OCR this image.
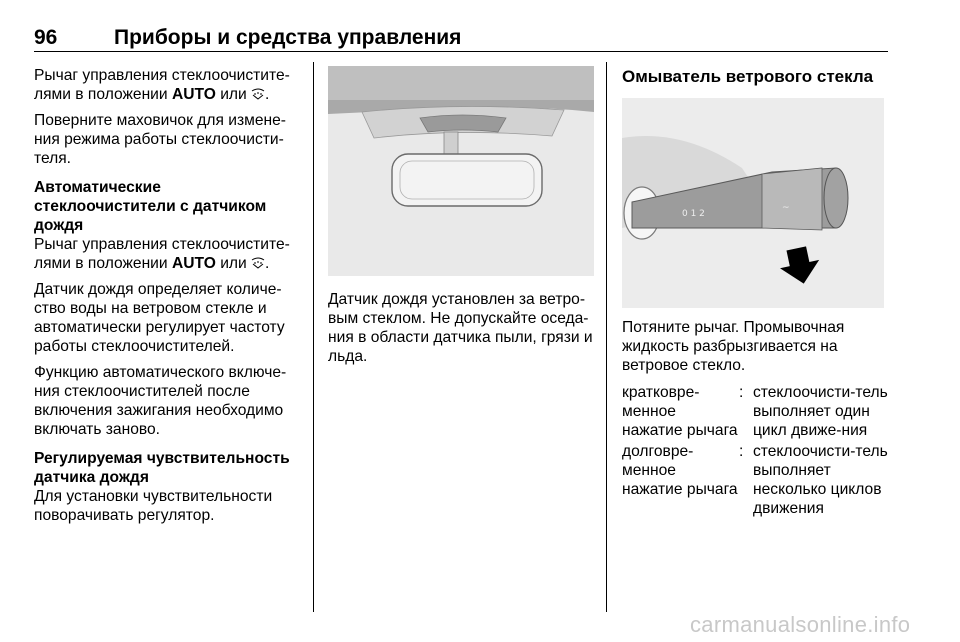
96	Приборы и средства управления

Рычаг управления стеклоочистите-лями в положении AUTO или .

Поверните маховичок для измене-ния режима работы стеклоочисти-теля.

Автоматические стеклоочистители с датчиком дождя

Рычаг управления стеклоочистите-лями в положении AUTO или .

Датчик дождя определяет количе-ство воды на ветровом стекле и автоматически регулирует частоту работы стеклоочистителей.

Функцию автоматического включе-ния стеклоочистителей после включения зажигания необходимо включать заново.

Регулируемая чувствительность датчика дождя

Для установки чувствительности поворачивать регулятор.

Датчик дождя установлен за ветро-вым стеклом. Не допускайте оседа-ния в области датчика пыли, грязи и льда.

Омыватель ветрового стекла
0 1 2
~

Потяните рычаг. Промывочная жидкость разбрызгивается на ветровое стекло.

кратковре-менное нажатие рычага
: стеклоочисти-тель выполняет один цикл движе-ния
долговре-менное нажатие рычага
: стеклоочисти-тель выполняет несколько циклов движения
carmanualsonline.info
